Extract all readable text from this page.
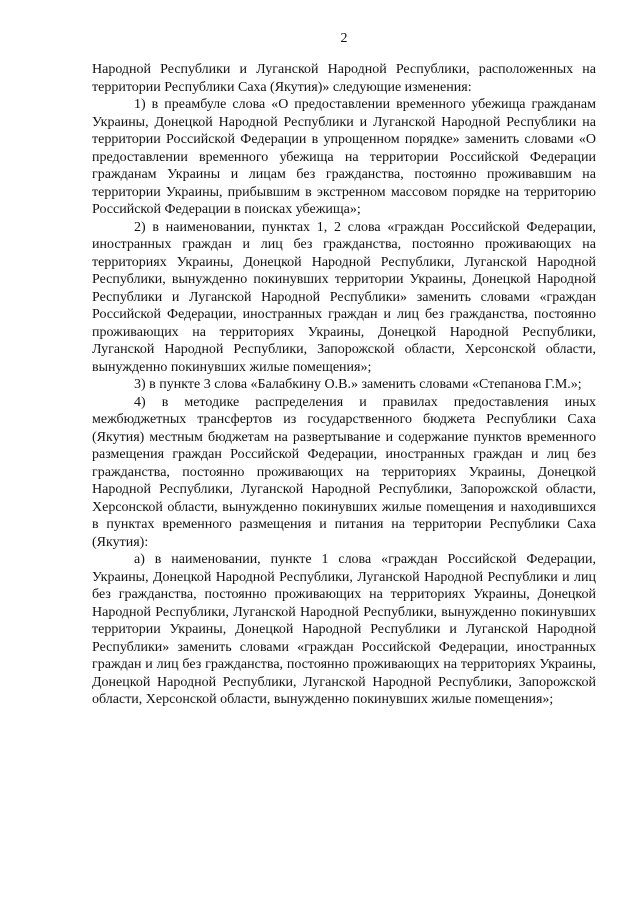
2

Народной Республики и Луганской Народной Республики, расположенных на территории Республики Саха (Якутия)» следующие изменения:

1) в преамбуле слова «О предоставлении временного убежища гражданам Украины, Донецкой Народной Республики и Луганской Народной Республики на территории Российской Федерации в упрощенном порядке» заменить словами «О предоставлении временного убежища на территории Российской Федерации гражданам Украины и лицам без гражданства, постоянно проживавшим на территории Украины, прибывшим в экстренном массовом порядке на территорию Российской Федерации в поисках убежища»;

2) в наименовании, пунктах 1, 2 слова «граждан Российской Федерации, иностранных граждан и лиц без гражданства, постоянно проживающих на территориях Украины, Донецкой Народной Республики, Луганской Народной Республики, вынужденно покинувших территории Украины, Донецкой Народной Республики и Луганской Народной Республики» заменить словами «граждан Российской Федерации, иностранных граждан и лиц без гражданства, постоянно проживающих на территориях Украины, Донецкой Народной Республики, Луганской Народной Республики, Запорожской области, Херсонской области, вынужденно покинувших жилые помещения»;

3) в пункте 3 слова «Балабкину О.В.» заменить словами «Степанова Г.М.»;

4) в методике распределения и правилах предоставления иных межбюджетных трансфертов из государственного бюджета Республики Саха (Якутия) местным бюджетам на развертывание и содержание пунктов временного размещения граждан Российской Федерации, иностранных граждан и лиц без гражданства, постоянно проживающих на территориях Украины, Донецкой Народной Республики, Луганской Народной Республики, Запорожской области, Херсонской области, вынужденно покинувших жилые помещения и находившихся в пунктах временного размещения и питания на территории Республики Саха (Якутия):

а) в наименовании, пункте 1 слова «граждан Российской Федерации, Украины, Донецкой Народной Республики, Луганской Народной Республики и лиц без гражданства, постоянно проживающих на территориях Украины, Донецкой Народной Республики, Луганской Народной Республики, вынужденно покинувших территории Украины, Донецкой Народной Республики и Луганской Народной Республики» заменить словами «граждан Российской Федерации, иностранных граждан и лиц без гражданства, постоянно проживающих на территориях Украины, Донецкой Народной Республики, Луганской Народной Республики, Запорожской области, Херсонской области, вынужденно покинувших жилые помещения»;
